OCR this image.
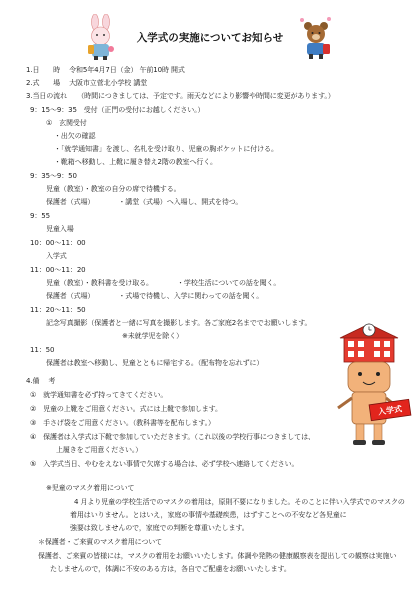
入学式の実施についてお知らせ
1.日　　時　 令和5年4月7日（金） 午前10時 開式
2.式　　場　 大阪市立菅北小学校 講堂
3.当日の流れ　　（時間につきましては、予定です。雨天などにより影響や時間に変更があります。）
9：15～9：35　受付（正門の受付にお越しください。）
①　玄関受付
・出欠の確認
・「就学通知書」を渡し、名札を受け取り、児童の胸ポケットに付ける。
・靴箱へ移動し、上靴に履き替え2階の教室へ行く。
9：35～9：50
児童（教室）・教室の自分の席で待機する。
保護者（式場）　　　　・講堂（式場）へ入場し、開式を待つ。
9：55
児童入場
10：00～11：00
入学式
11：00～11：20
児童（教室）・教科書を受け取る。　　　　・学校生活についての話を聞く。
保護者（式場）　　　　・式場で待機し、入学に関わっての話を聞く。
11：20～11：50
記念写真撮影（保護者と一緒に写真を撮影します。各ご家庭2名まででお願いします。
※未就学児を除く）
11：50
保護者は教室へ移動し、児童とともに帰宅する。（配布物を忘れずに）
4.備　 考
①　就学通知書を必ず持ってきてください。
②　児童の上靴をご用意ください。式には上靴で参加します。
③　手さげ袋をご用意ください。（教科書等を配布します。）
④　保護者は入学式は下靴で参加していただきます。（これ以後の学校行事につきましては、
上履きをご用意ください。）
⑤　入学式当日、やむをえない事情で欠席する場合は、必ず学校へ連絡してください。
※児童のマスク着用について
4 月より児童の学校生活でのマスクの着用は，原則不要になりました。そのことに伴い入学式でのマスクの
着用はいりません。とはいえ，家庭の事情や基礎疾患，はずすことへの不安など各児童に
強要は致しませんので，家庭での判断を尊重いたします。
＊保護者・ご来賓のマスク着用について
保護者、ご来賓の皆様には，マスクの着用をお願いいたします。体調や発熱の健康観察表を提出しての観察は実施い
たしませんので，体調に不安のある方は，各自でご配慮をお願いいたします。
入学式
